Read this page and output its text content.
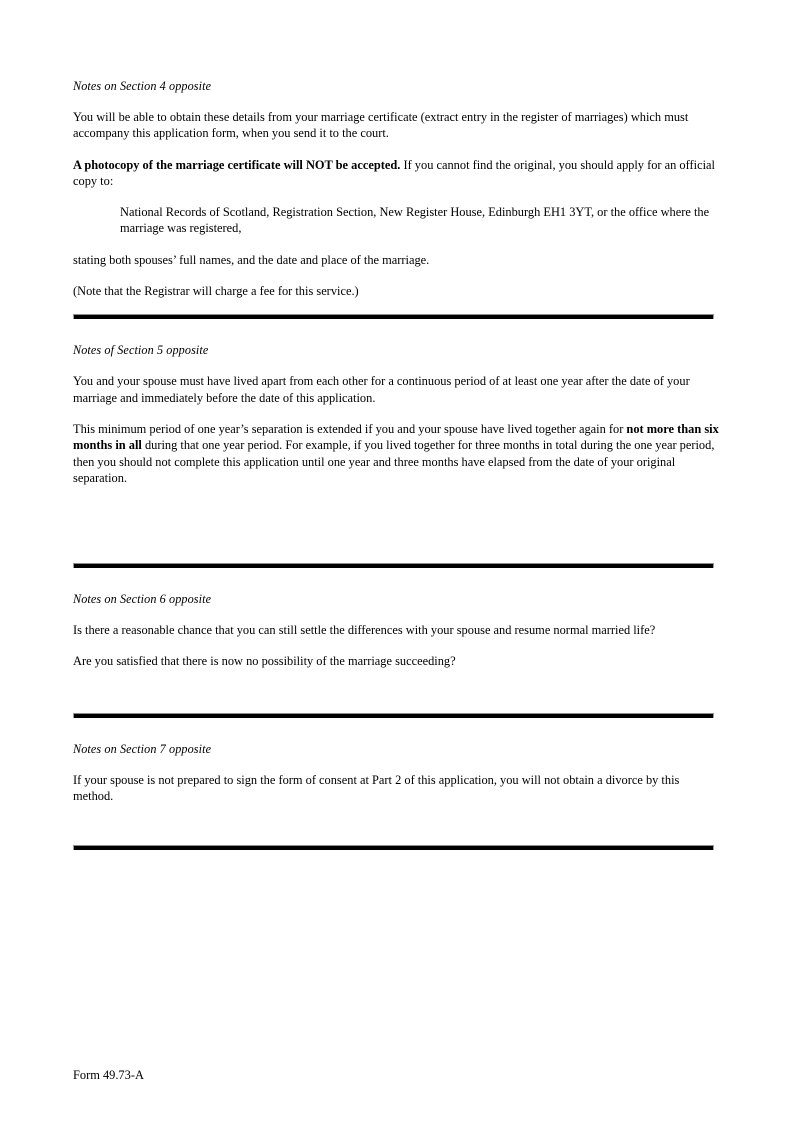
Notes on Section 4 opposite

You will be able to obtain these details from your marriage certificate (extract entry in the register of marriages) which must accompany this application form, when you send it to the court.

A photocopy of the marriage certificate will NOT be accepted. If you cannot find the original, you should apply for an official copy to:

National Records of Scotland, Registration Section, New Register House, Edinburgh EH1 3YT, or the office where the marriage was registered,

stating both spouses’ full names, and the date and place of the marriage.

(Note that the Registrar will charge a fee for this service.)

Notes of Section 5 opposite

You and your spouse must have lived apart from each other for a continuous period of at least one year after the date of your marriage and immediately before the date of this application.

This minimum period of one year’s separation is extended if you and your spouse have lived together again for not more than six months in all during that one year period. For example, if you lived together for three months in total during the one year period, then you should not complete this application until one year and three months have elapsed from the date of your original separation.

Notes on Section 6 opposite

Is there a reasonable chance that you can still settle the differences with your spouse and resume normal married life?

Are you satisfied that there is now no possibility of the marriage succeeding?

Notes on Section 7 opposite

If your spouse is not prepared to sign the form of consent at Part 2 of this application, you will not obtain a divorce by this method.

Form 49.73-A
